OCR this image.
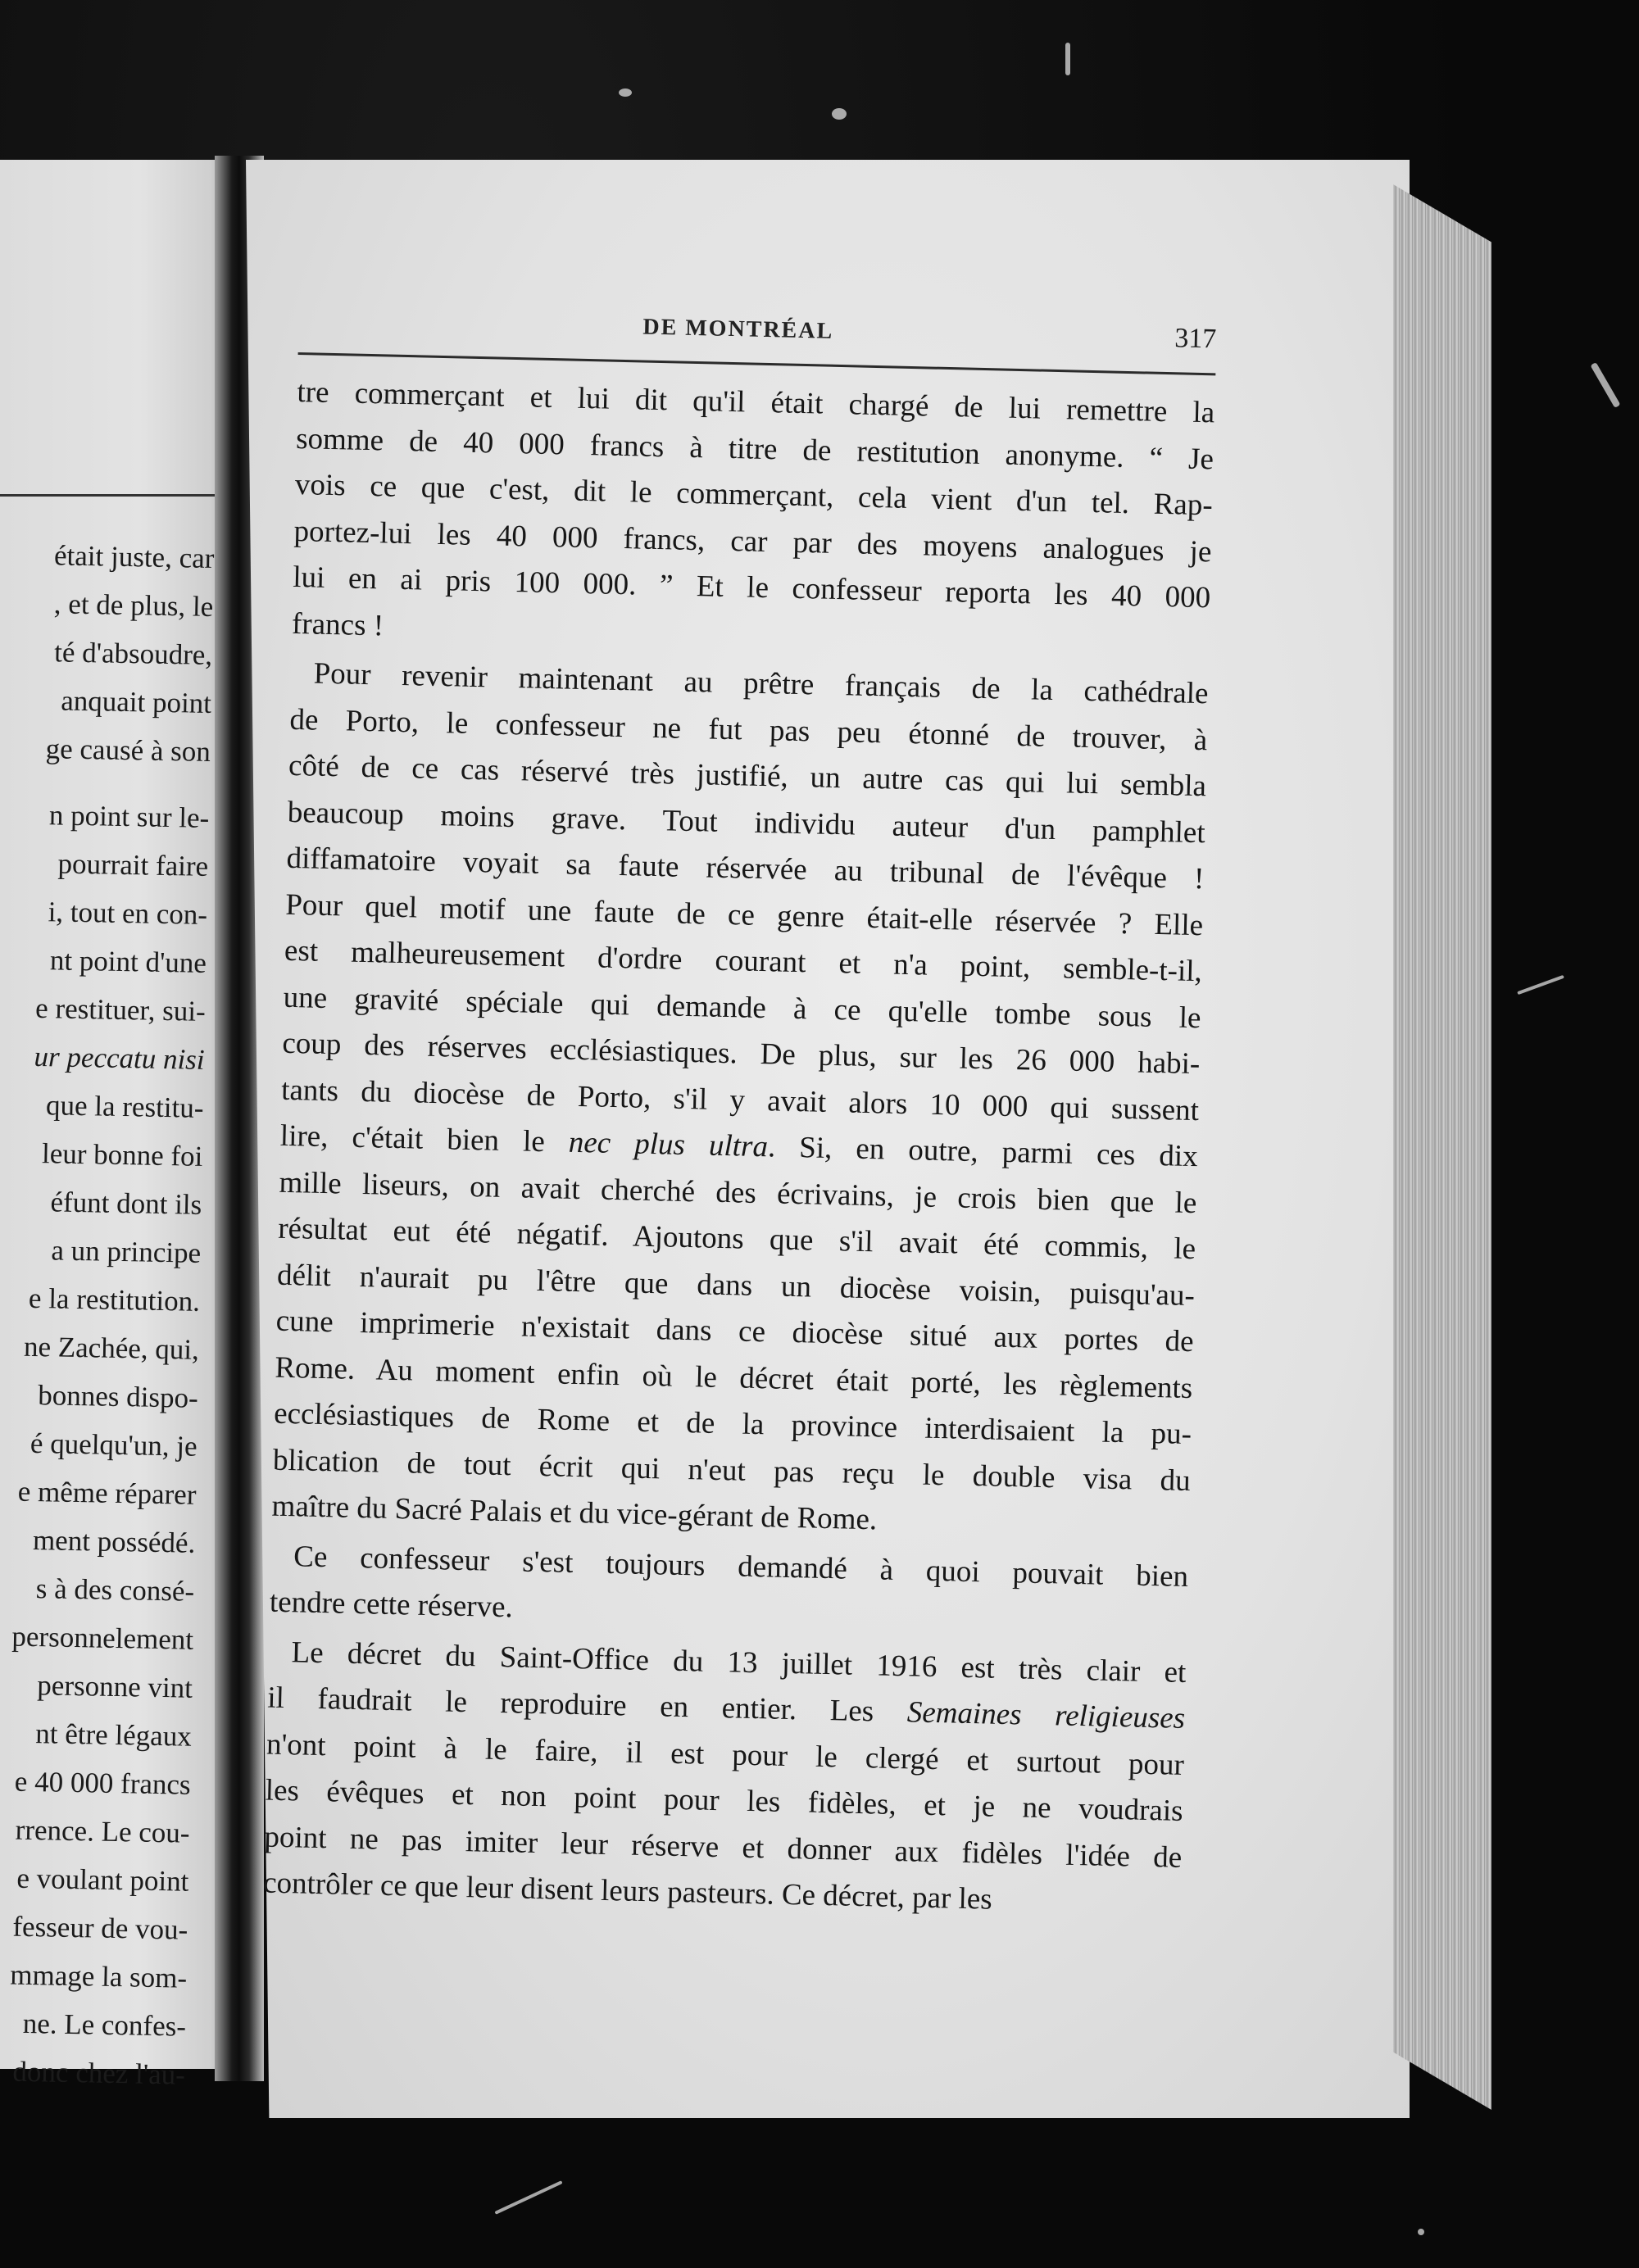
était juste, car
, et de plus, le
té d'absoudre,
anquait point
ge causé à son
n point sur le-
pourrait faire
i, tout en con-
nt point d'une
e restituer, sui-
ur peccatu nisi
que la restitu-
leur bonne foi
éfunt dont ils
a un principe
e la restitution.
ne Zachée, qui,
bonnes dispo-
é quelqu'un, je
e même réparer
ment possédé.
s à des consé-
personnelement
personne vint
nt être légaux
e 40 000 francs
rrence. Le cou-
e voulant point
fesseur de vou-
mmage la som-
ne. Le confes-
donc chez l'au-
DE MONTRÉAL	317
tre commerçant et lui dit qu'il était chargé de lui remettre la
somme de 40 000 francs à titre de restitution anonyme. “ Je
vois ce que c'est, dit le commerçant, cela vient d'un tel. Rap-
portez-lui les 40 000 francs, car par des moyens analogues je
lui en ai pris 100 000. ” Et le confesseur reporta les 40 000
francs !
Pour revenir maintenant au prêtre français de la cathédrale
de Porto, le confesseur ne fut pas peu étonné de trouver, à
côté de ce cas réservé très justifié, un autre cas qui lui sembla
beaucoup moins grave. Tout individu auteur d'un pamphlet
diffamatoire voyait sa faute réservée au tribunal de l'évêque !
Pour quel motif une faute de ce genre était-elle réservée ? Elle
est malheureusement d'ordre courant et n'a point, semble-t-il,
une gravité spéciale qui demande à ce qu'elle tombe sous le
coup des réserves ecclésiastiques. De plus, sur les 26 000 habi-
tants du diocèse de Porto, s'il y avait alors 10 000 qui sussent
lire, c'était bien le nec plus ultra. Si, en outre, parmi ces dix
mille liseurs, on avait cherché des écrivains, je crois bien que le
résultat eut été négatif. Ajoutons que s'il avait été commis, le
délit n'aurait pu l'être que dans un diocèse voisin, puisqu'au-
cune imprimerie n'existait dans ce diocèse situé aux portes de
Rome. Au moment enfin où le décret était porté, les règlements
ecclésiastiques de Rome et de la province interdisaient la pu-
blication de tout écrit qui n'eut pas reçu le double visa du
maître du Sacré Palais et du vice-gérant de Rome.
Ce confesseur s'est toujours demandé à quoi pouvait bien
tendre cette réserve.
Le décret du Saint-Office du 13 juillet 1916 est très clair et
il faudrait le reproduire en entier. Les Semaines religieuses
n'ont point à le faire, il est pour le clergé et surtout pour
les évêques et non point pour les fidèles, et je ne voudrais
point ne pas imiter leur réserve et donner aux fidèles l'idée de
contrôler ce que leur disent leurs pasteurs. Ce décret, par les
